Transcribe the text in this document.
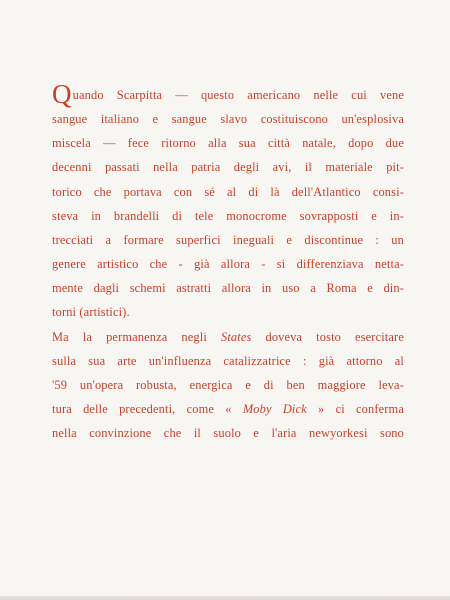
Quando Scarpitta — questo americano nelle cui vene
sangue italiano e sangue slavo costituiscono un'esplosiva
miscela — fece ritorno alla sua città natale, dopo due
decenni passati nella patria degli avi, il materiale pit-
torico che portava con sé al di là dell'Atlantico consi-
steva in brandelli di tele monocrome sovrapposti e in-
trecciati a formare superfici ineguali e discontinue : un
genere artistico che - già allora - si differenziava netta-
mente dagli schemi astratti allora in uso a Roma e din-
torni (artistici).
Ma la permanenza negli States doveva tosto esercitare
sulla sua arte un'influenza catalizzatrice : già attorno al
'59 un'opera robusta, energica e di ben maggiore leva-
tura delle precedenti, come « Moby Dick » ci conferma
nella convinzione che il suolo e l'aria newyorkesi sono
